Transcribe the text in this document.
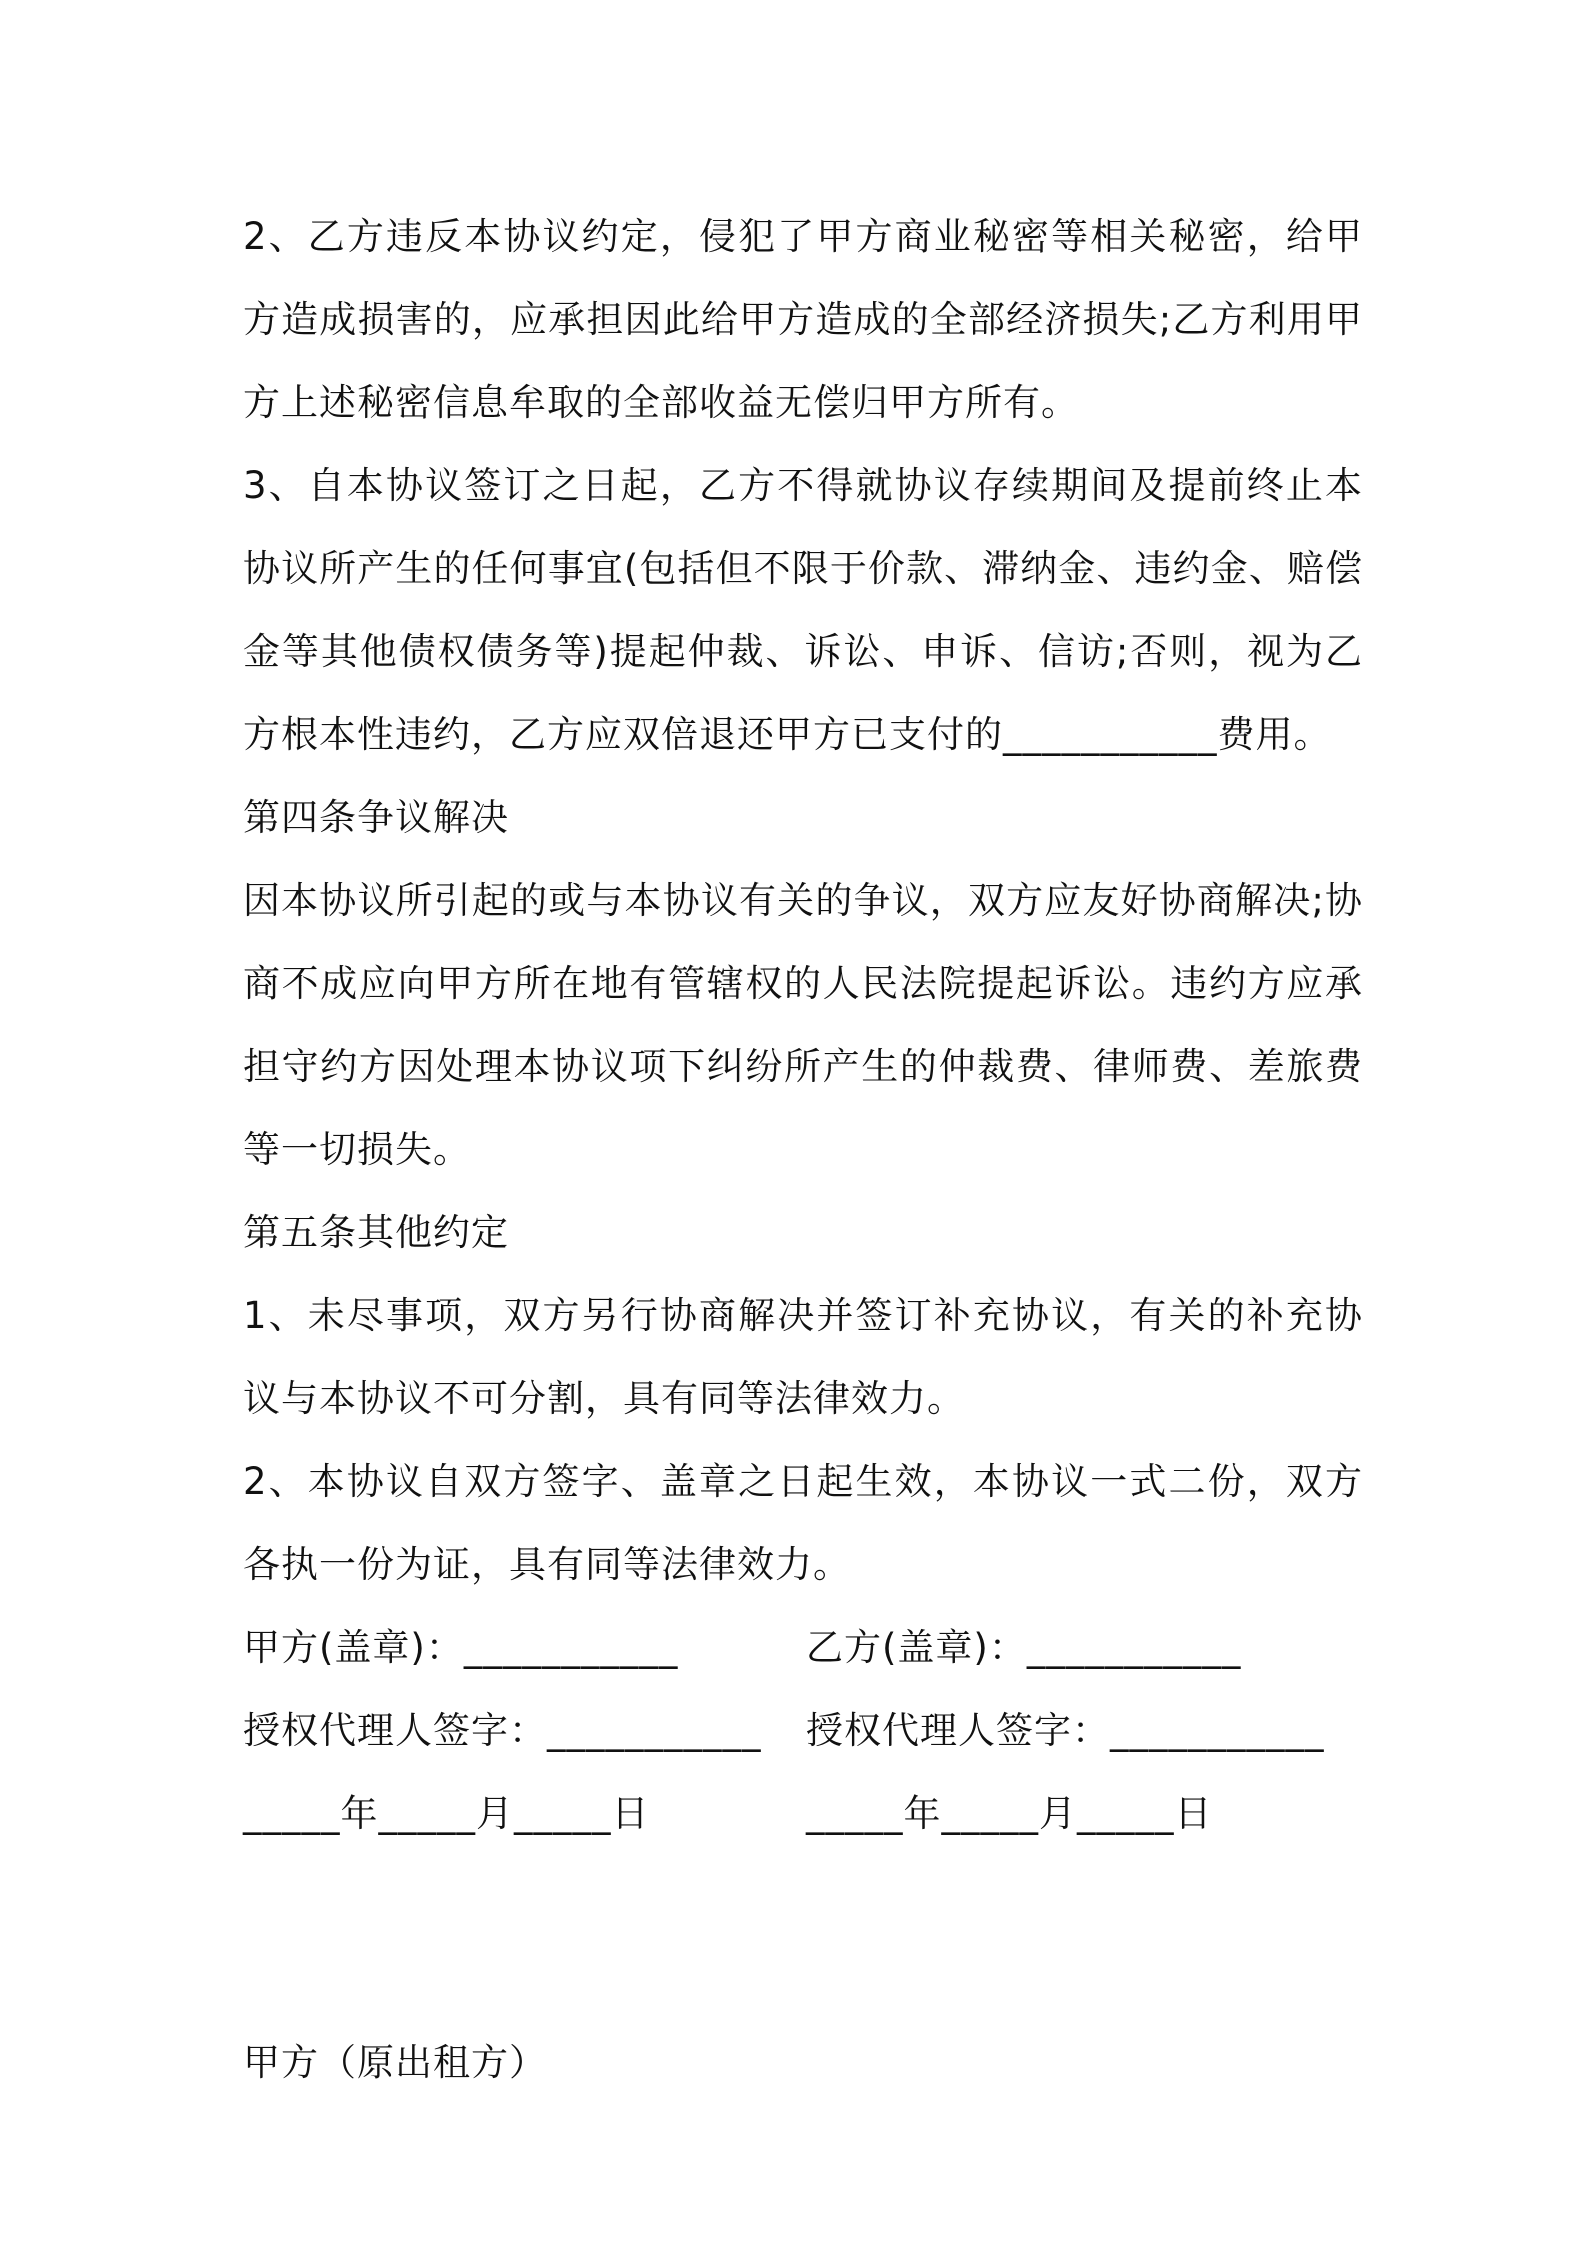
2、乙方违反本协议约定，侵犯了甲方商业秘密等相关秘密，给甲方造成损害的，应承担因此给甲方造成的全部经济损失;乙方利用甲方上述秘密信息牟取的全部收益无偿归甲方所有。

3、自本协议签订之日起，乙方不得就协议存续期间及提前终止本协议所产生的任何事宜(包括但不限于价款、滞纳金、违约金、赔偿金等其他债权债务等)提起仲裁、诉讼、申诉、信访;否则，视为乙方根本性违约，乙方应双倍退还甲方已支付的___________费用。

第四条争议解决

因本协议所引起的或与本协议有关的争议，双方应友好协商解决;协商不成应向甲方所在地有管辖权的人民法院提起诉讼。违约方应承担守约方因处理本协议项下纠纷所产生的仲裁费、律师费、差旅费等一切损失。

第五条其他约定

1、未尽事项，双方另行协商解决并签订补充协议，有关的补充协议与本协议不可分割，具有同等法律效力。

2、本协议自双方签字、盖章之日起生效，本协议一式二份，双方各执一份为证，具有同等法律效力。

甲方(盖章)：___________

	乙方(盖章)：___________

授权代理人签字：___________

授权代理人签字：___________

_____年_____月_____日

	_____年_____月_____日

甲方（原出租方）
